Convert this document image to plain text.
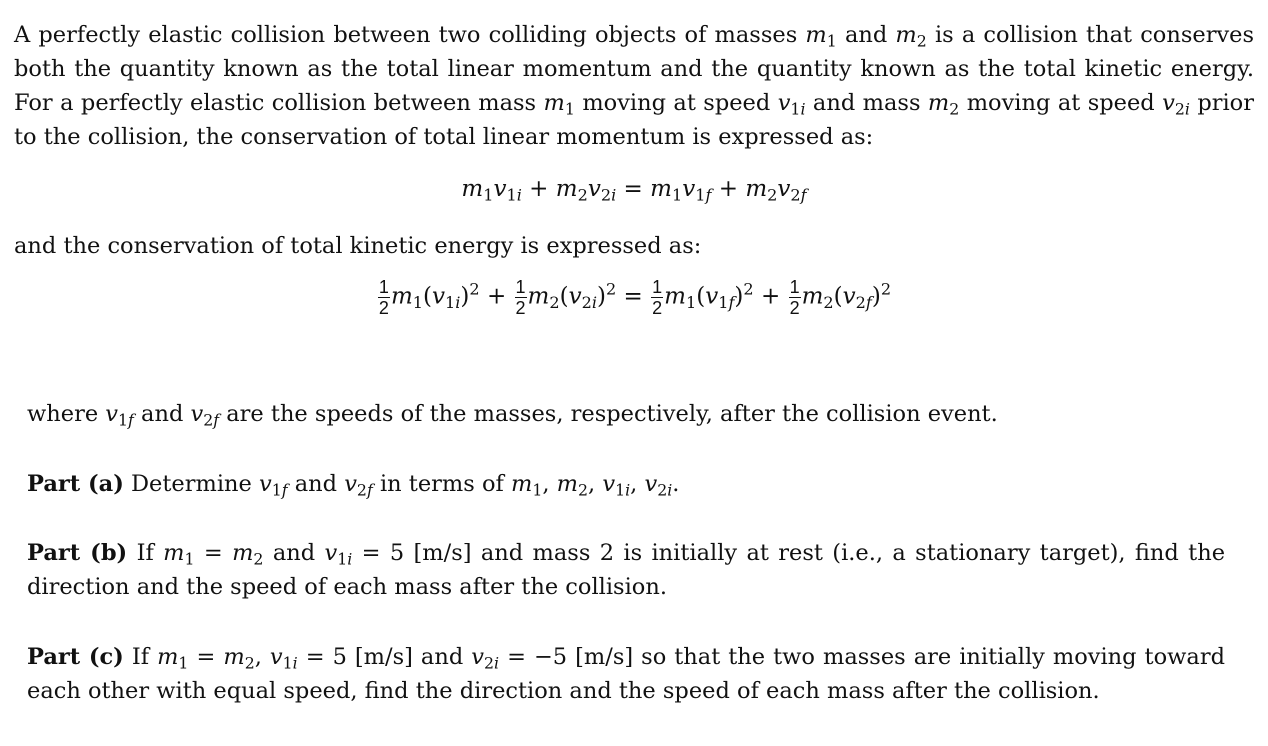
A perfectly elastic collision between two colliding objects of masses $m_1$ and $m_2$ is a collision that conserves

both the quantity known as the total linear momentum and the quantity known as the total kinetic energy.

For a perfectly elastic collision between mass $m_1$ moving at speed $v_{1i}$ and mass $m_2$ moving at speed $v_{2i}$ prior

to the collision, the conservation of total linear momentum is expressed as:

$m_1v_{1i} + m_2v_{2i} = m_1v_{1f} + m_2v_{2f}$
and the conservation of total kinetic energy is expressed as:
$\frac{1}{2} m_1(v_{1i})^2 + \frac{1}{2} m_2(v_{2i})^2 = \frac{1}{2} m_1(v_{1f})^2 + \frac{1}{2} m_2(v_{2f})^2$

where $v_{1f}$ and $v_{2f}$ are the speeds of the masses, respectively, after the collision event.

Part (a) Determine $v_{1f}$ and $v_{2f}$ in terms of $m_1$, $m_2$, $v_{1i}$, $v_{2i}$.

Part (b) If $m_1 = m_2$ and $v_{1i} = 5$ [m/s] and mass 2 is initially at rest (i.e., a stationary target), find the

direction and the speed of each mass after the collision.

Part (c) If $m_1 = m_2$, $v_{1i} = 5$ [m/s] and $v_{2i} = -5$ [m/s] so that the two masses are initially moving toward

each other with equal speed, find the direction and the speed of each mass after the collision.
